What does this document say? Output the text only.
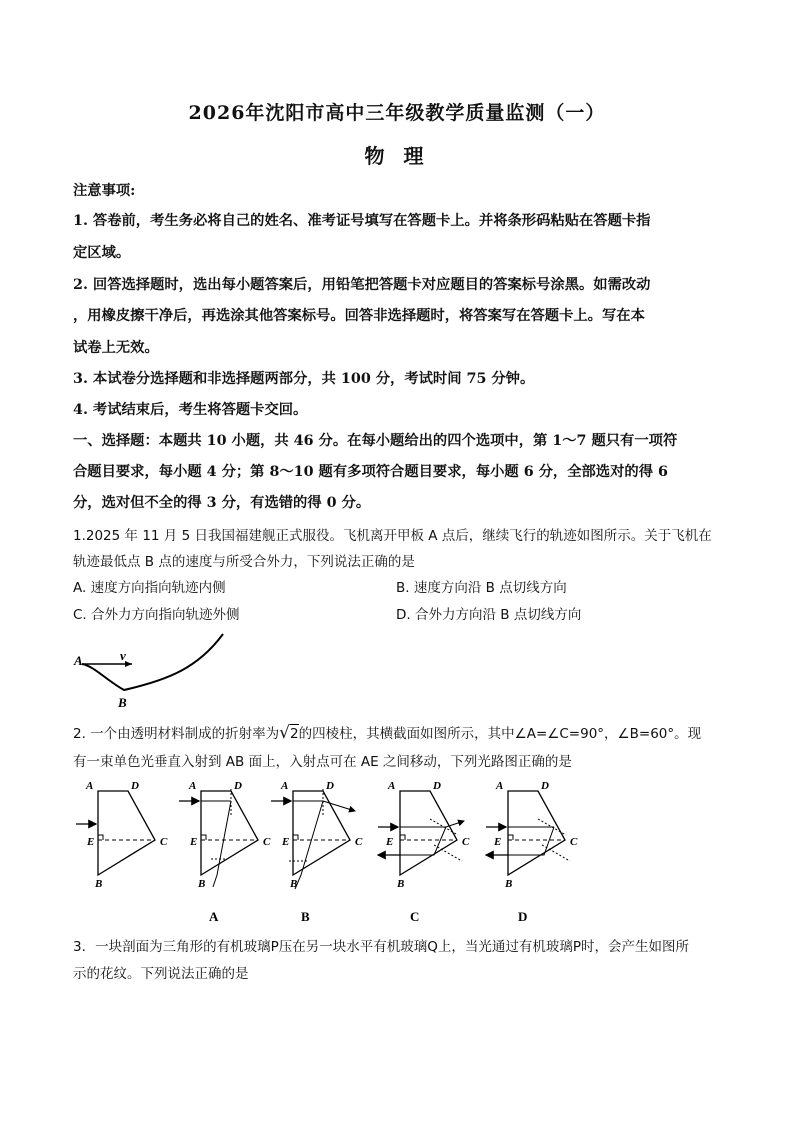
2026年沈阳市高中三年级教学质量监测（一）
物 理
注意事项:
1. 答卷前，考生务必将自己的姓名、准考证号填写在答题卡上。并将条形码粘贴在答题卡指
定区域。
2. 回答选择题时，选出每小题答案后，用铅笔把答题卡对应题目的答案标号涂黑。如需改动
，用橡皮擦干净后，再选涂其他答案标号。回答非选择题时，将答案写在答题卡上。写在本
试卷上无效。
3. 本试卷分选择题和非选择题两部分，共 100 分，考试时间 75 分钟。
4. 考试结束后，考生将答题卡交回。
一、选择题：本题共 10 小题，共 46 分。在每小题给出的四个选项中，第 1～7 题只有一项符
合题目要求，每小题 4 分；第 8～10 题有多项符合题目要求，每小题 6 分，全部选对的得 6
分，选对但不全的得 3 分，有选错的得 0 分。
1.2025 年 11 月 5 日我国福建舰正式服役。飞机离开甲板 A 点后，继续飞行的轨迹如图所示。关于飞机在
轨迹最低点 B 点的速度与所受合外力，下列说法正确的是
A. 速度方向指向轨迹内侧	B. 速度方向沿 B 点切线方向
C. 合外力方向指向轨迹外侧	D. 合外力方向沿 B 点切线方向
A	v
B
2. 一个由透明材料制成的折射率为√2的四棱柱，其横截面如图所示，其中∠A=∠C=90°，∠B=60°。现
有一束单色光垂直入射到 AB 面上，入射点可在 AE 之间移动，下列光路图正确的是
A	D
E	C
B
A	D
E	C
B
A
A	D
E	C
B
B
A	D
E	C
B
C
A	D
E	C
B
D
3．一块剖面为三角形的有机玻璃P压在另一块水平有机玻璃Q上，当光通过有机玻璃P时，会产生如图所
示的花纹。下列说法正确的是
